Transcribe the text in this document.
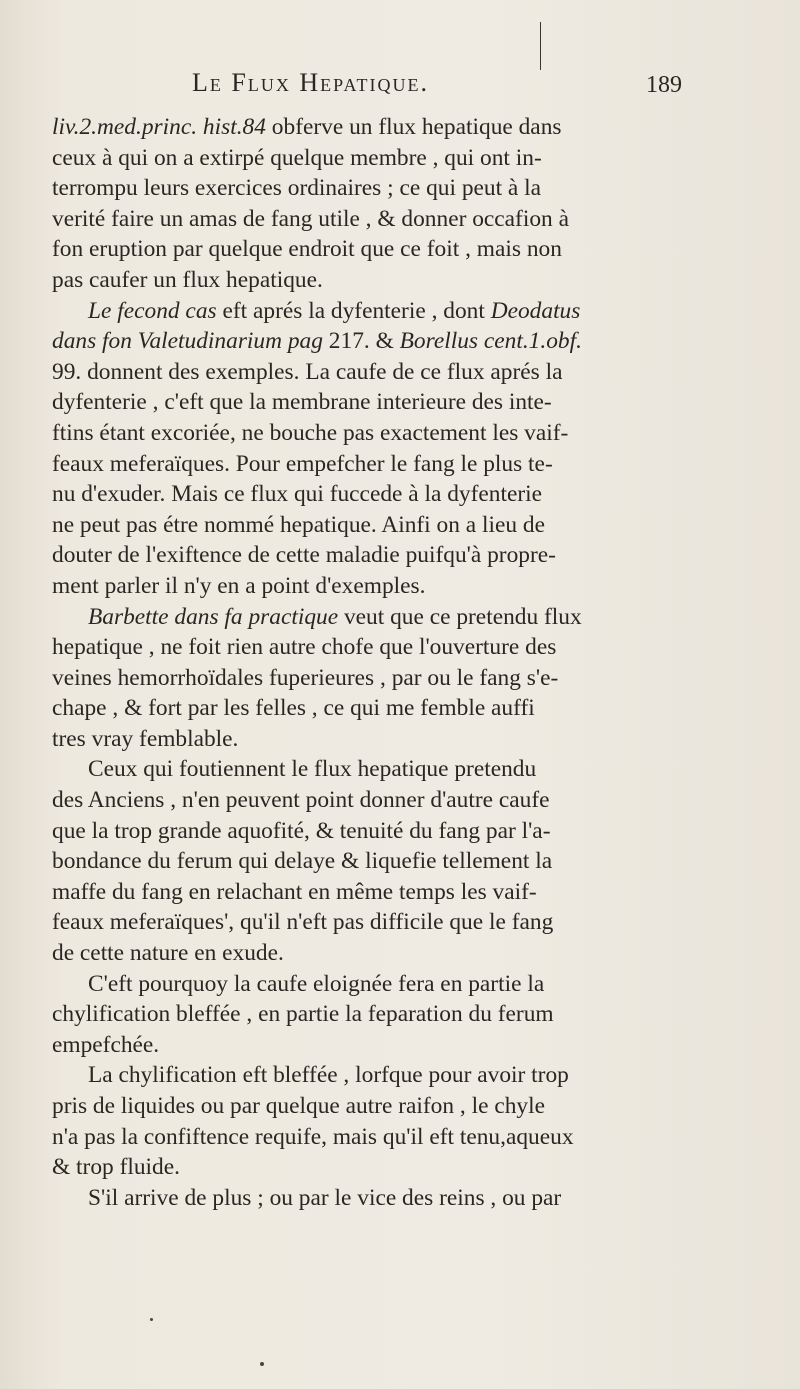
Le Flux Hepatique.	189
liv.2.med.princ. hist.84 obferve un flux hepatique dans
ceux à qui on a extirpé quelque membre , qui ont in-
terrompu leurs exercices ordinaires ; ce qui peut à la
verité faire un amas de fang utile , & donner occafion à
fon eruption par quelque endroit que ce foit , mais non
pas caufer un flux hepatique.
Le fecond cas eft aprés la dyfenterie , dont Deodatus
dans fon Valetudinarium pag 217. & Borellus cent.1.obf.
99. donnent des exemples. La caufe de ce flux aprés la
dyfenterie , c'eft que la membrane interieure des inte-
ftins étant excoriée, ne bouche pas exactement les vaif-
feaux meferaïques. Pour empefcher le fang le plus te-
nu d'exuder. Mais ce flux qui fuccede à la dyfenterie
ne peut pas étre nommé hepatique. Ainfi on a lieu de
douter de l'exiftence de cette maladie puifqu'à propre-
ment parler il n'y en a point d'exemples.
Barbette dans fa practique veut que ce pretendu flux
hepatique , ne foit rien autre chofe que l'ouverture des
veines hemorrhoïdales fuperieures , par ou le fang s'e-
chape , & fort par les felles , ce qui me femble auffi
tres vray femblable.
Ceux qui foutiennent le flux hepatique pretendu
des Anciens , n'en peuvent point donner d'autre caufe
que la trop grande aquofité, & tenuité du fang par l'a-
bondance du ferum qui delaye & liquefie tellement la
maffe du fang en relachant en même temps les vaif-
feaux meferaïques', qu'il n'eft pas difficile que le fang
de cette nature en exude.
C'eft pourquoy la caufe eloignée fera en partie la
chylification bleffée , en partie la feparation du ferum
empefchée.
La chylification eft bleffée , lorfque pour avoir trop
pris de liquides ou par quelque autre raifon , le chyle
n'a pas la confiftence requife, mais qu'il eft tenu,aqueux
& trop fluide.
S'il arrive de plus ; ou par le vice des reins , ou par
